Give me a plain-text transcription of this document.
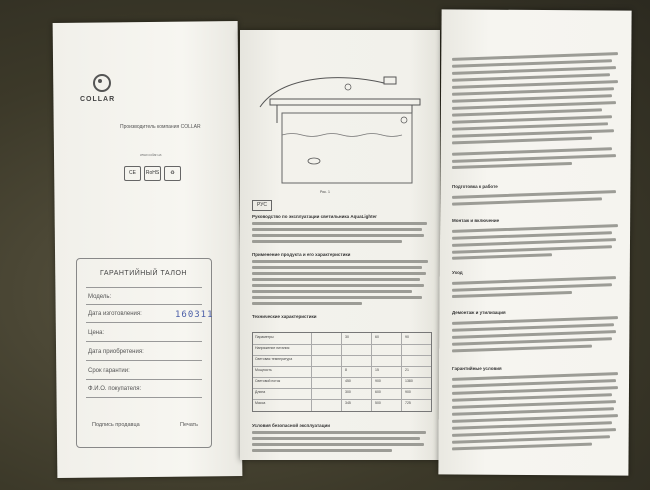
COLLAR
Производитель компания COLLAR
www.collar.ua
CE	RoHS	♻
ГАРАНТИЙНЫЙ ТАЛОН
Модель:
Дата изготовления:	160311
Цена:
Дата приобретения:
Срок гарантии:
Ф.И.О. покупателя:
Подпись продавца	Печать
РУС
Рис. 1
Руководство по эксплуатации светильника AquaLighter
Применение продукта и его характеристики
Технические характеристики
Параметры	30	60	90
Напряжение питания
Световая температура
Мощность	8	15	21
Световой поток	450	900	1380
Длина	300	600	900
Масса	345	500	725
Условия безопасной эксплуатации
Подготовка к работе
Монтаж и включение
Уход
Демонтаж и утилизация
Гарантийные условия
